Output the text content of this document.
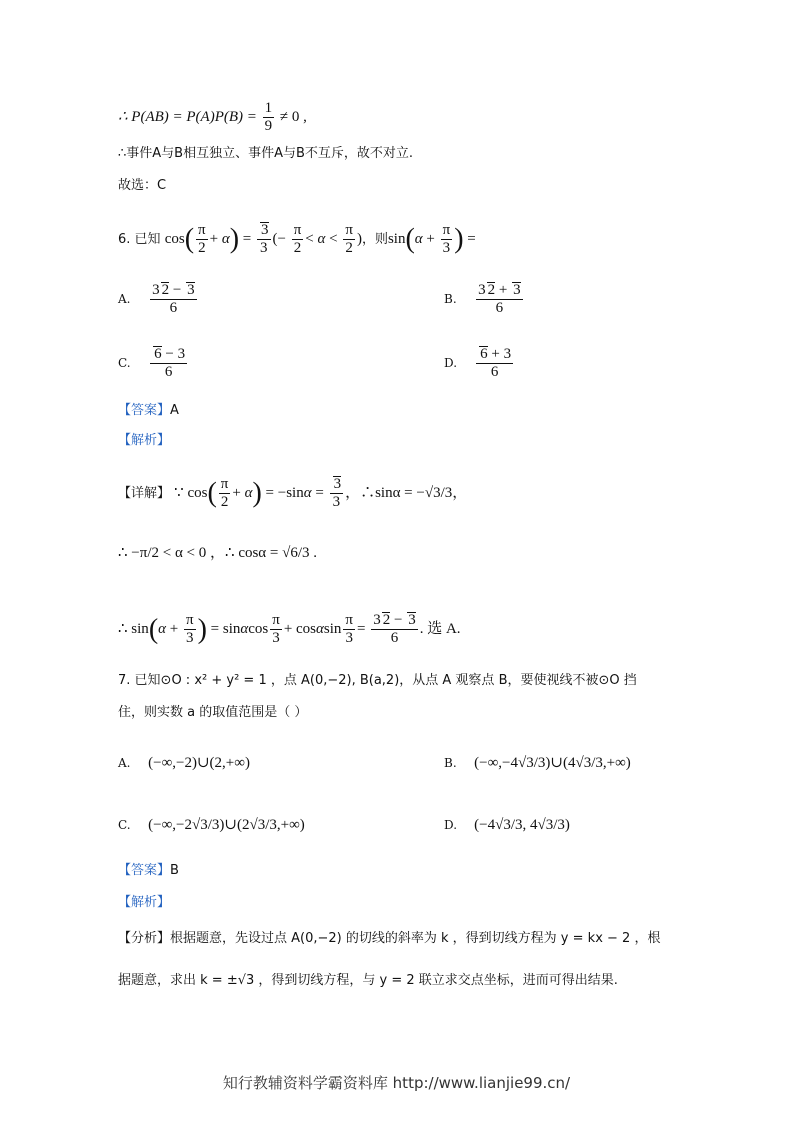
∴ $P(AB) = P(A)P(B) = \frac{1}{9} \ne 0$ ,
∴事件A与B相互独立、事件A与B不互斥，故不对立.
故选：C
6. 已知 $\cos( \frac{\pi}{2} + \alpha) = \frac{3}{3}$ (− $\frac{\pi}{2} < \alpha < \frac{\pi}{2}$ )，则$\sin(\alpha + \frac{\pi}{3}$ ) =
A. $\frac{3 2 - 3}{6}$	B. $\frac{3 2 + 3}{6}$
C. $\frac{6 - 3}{6}$	D. $\frac{6 + 3}{6}$
【答案】A
【解析】
【详解】 ∵ $\cos( \frac{\pi}{2} + \alpha) = -\sin\alpha = \frac{3}{3}$ ，∴sinα = −√3/3，
∴ −π/2 < α < 0 ，∴ cosα = √6/3 .
∴ $\sin(\alpha + \frac{\pi}{3}$ ) = sinαcos $\frac{\pi}{3} + \cos\alpha\sin \frac{\pi}{3} = \frac{3 2 - 3}{6}$ . 选 A.
7. 已知⊙O : x² + y² = 1 ，点 A(0,−2), B(a,2)，从点 A 观察点 B，要使视线不被⊙O 挡
住，则实数 a 的取值范围是（ ）
A. (−∞,−2)∪(2,+∞)	B. (−∞,−4√3/3)∪(4√3/3,+∞)
C. (−∞,−2√3/3)∪(2√3/3,+∞)	D. (−4√3/3, 4√3/3)
【答案】B
【解析】
【分析】根据题意，先设过点 A(0,−2) 的切线的斜率为 k ，得到切线方程为 y = kx − 2 ，根
据题意，求出 k = ±√3 ，得到切线方程，与 y = 2 联立求交点坐标，进而可得出结果.
知行教辅资料学霸资料库 http://www.lianjie99.cn/
